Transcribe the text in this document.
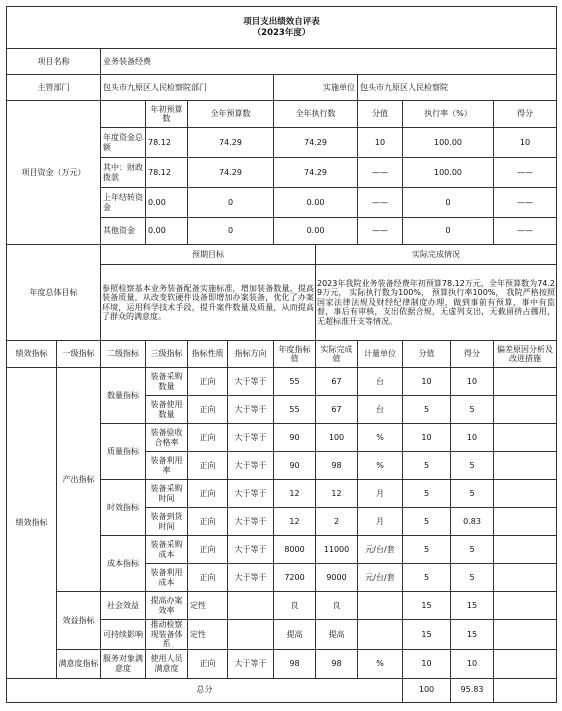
项目支出绩效自评表
（2023年度）											

项目名称		业务装备经费									
主管部门		包头市九原区人民检察院部门				实施单位		包头市九原区人民检察院			
项目资金（万元）			年初预算数	全年预算数		全年执行数		分值	执行率（%）		得分
		年度资金总额	78.12	74.29		74.29		10	100.00		10
		其中：财政拨款	78.12	74.29		74.29		——	100.00		——
		上年结转资金	0.00	0		0.00		——	0		——
		其他资金	0.00	0		0.00		——	0		——
年度总体目标		预期目标					实际完成情况				
		参照检察基本业务装备配备实施标准，增加装备数量，提高装备质量，从改变软硬件设备即增加办案装备，优化了办案环境，运用科学技术手段，提升案件数量及质量，从而提高了群众的满意度。					2023年我院业务装备经费年初预算78.12万元，全年预算数为74.29万元， 实际执行数为100%， 预算执行率100%， 我院严格按照国家法律法规及财经纪律制度办理，做到事前有预算，事中有监督，事后有审核，支出依据合规，无虚列支出，无截留挤占挪用，无超标准开支等情况。				
绩效指标	一级指标	二级指标	三级指标	指标性质	指标方向	年度指标值	实际完成值	计量单位	分值	得分	偏差原因分析及改进措施
绩效指标	产出指标	数量指标	装备采购数量	正向	大于等于	55	67	台	10	10	
			装备使用数量	正向	大于等于	55	67	台	5	5	
		质量指标	装备验收合格率	正向	大于等于	90	100	%	10	10	
			装备利用率	正向	大于等于	90	98	%	5	5	
		时效指标	装备采购时间	正向	大于等于	12	12	月	5	5	
			装备到货时间	正向	大于等于	12	2	月	5	0.83	
		成本指标	装备采购成本	正向	大于等于	8000	11000	元/台/套	5	5	
			装备利用成本	正向	大于等于	7200	9000	元/台/套	5	5	
	效益指标	社会效益	提高办案效率	定性		良	良		15	15	
		可持续影响	推动检察现装备体系	定性		提高	提高		15	15	
	满意度指标	服务对象满意度	使用人员满意度	正向	大于等于	98	98	%	10	10	
总分									100	95.83	
